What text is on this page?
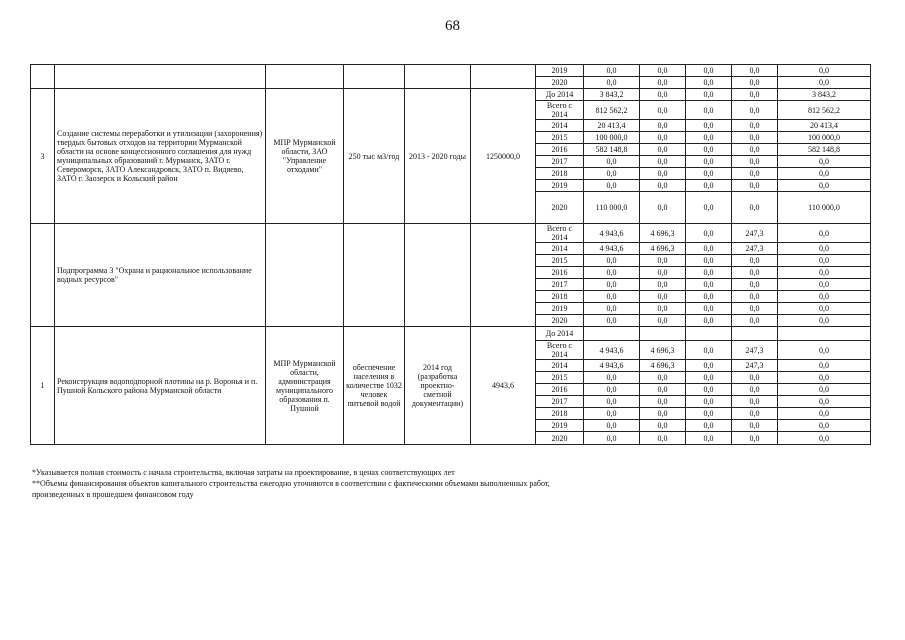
68
						2019	0,0	0,0	0,0	0,0	0,0
						2020	0,0	0,0	0,0	0,0	0,0
3	Создание системы переработки и утилизации (захоронения) твердых бытовых отходов на территории Мурманской области на основе концессионного соглашения для нужд муниципальных образований г. Мурманск, ЗАТО г. Североморск, ЗАТО Александровск, ЗАТО п. Видяево, ЗАТО г. Заозерск и Кольский район	МПР Мурманской области, ЗАО "Управление отходами"	250 тыс м3/год	2013 - 2020 годы	1250000,0	До 2014	3 843,2	0,0	0,0	0,0	3 843,2
						Всего с 2014	812 562,2	0,0	0,0	0,0	812 562,2
						2014	20 413,4	0,0	0,0	0,0	20 413,4
						2015	100 000,0	0,0	0,0	0,0	100 000,0
						2016	582 148,8	0,0	0,0	0,0	582 148,8
						2017	0,0	0,0	0,0	0,0	0,0
						2018	0,0	0,0	0,0	0,0	0,0
						2019	0,0	0,0	0,0	0,0	0,0
						2020	110 000,0	0,0	0,0	0,0	110 000,0
	Подпрограмма 3 "Охрана и рациональное использование водных ресурсов"					Всего с 2014	4 943,6	4 696,3	0,0	247,3	0,0
						2014	4 943,6	4 696,3	0,0	247,3	0,0
						2015	0,0	0,0	0,0	0,0	0,0
						2016	0,0	0,0	0,0	0,0	0,0
						2017	0,0	0,0	0,0	0,0	0,0
						2018	0,0	0,0	0,0	0,0	0,0
						2019	0,0	0,0	0,0	0,0	0,0
						2020	0,0	0,0	0,0	0,0	0,0
1	Реконструкция водоподпорной плотины на р. Воронья и п. Пушной Кольского района Мурманской области	МПР Мурманской области, администрация муниципального образования п. Пушной	обеспечение населения в количестве 1032 человек питьевой водой	2014 год (разработка проектно-сметной документации)	4943,6	До 2014					
						Всего с 2014	4 943,6	4 696,3	0,0	247,3	0,0
						2014	4 943,6	4 696,3	0,0	247,3	0,0
						2015	0,0	0,0	0,0	0,0	0,0
						2016	0,0	0,0	0,0	0,0	0,0
						2017	0,0	0,0	0,0	0,0	0,0
						2018	0,0	0,0	0,0	0,0	0,0
						2019	0,0	0,0	0,0	0,0	0,0
						2020	0,0	0,0	0,0	0,0	0,0

*Указывается полная стоимость с начала строительства, включая затраты на проектирование, в ценах соответствующих лет

**Объемы финансирования объектов капитального строительства ежегодно уточняются в соответствии с фактическими объемами выполненных работ,

произведенных в прошедшем финансовом году
